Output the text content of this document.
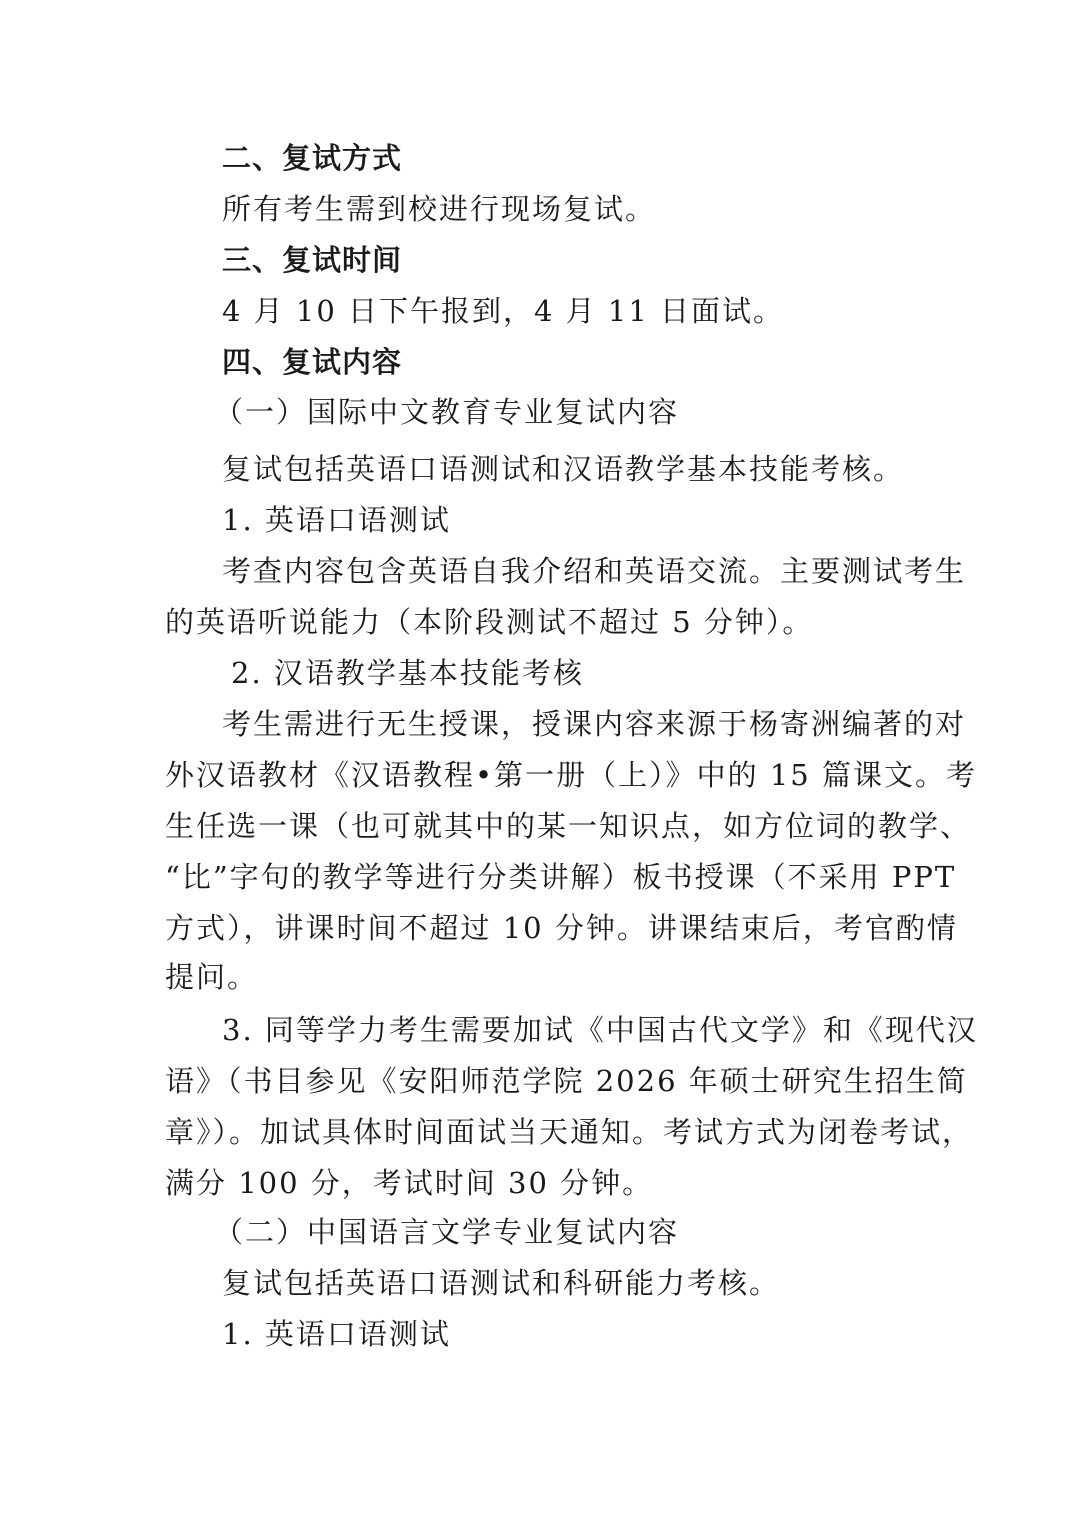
二、复试方式
所有考生需到校进行现场复试。
三、复试时间
4 月 10 日下午报到，4 月 11 日面试。
四、复试内容
（一）国际中文教育专业复试内容
复试包括英语口语测试和汉语教学基本技能考核。
1. 英语口语测试
考查内容包含英语自我介绍和英语交流。主要测试考生
的英语听说能力（本阶段测试不超过 5 分钟）。
2. 汉语教学基本技能考核
考生需进行无生授课，授课内容来源于杨寄洲编著的对
外汉语教材《汉语教程•第一册（上）》中的 15 篇课文。考
生任选一课（也可就其中的某一知识点，如方位词的教学、
“比”字句的教学等进行分类讲解）板书授课（不采用 PPT
方式），讲课时间不超过 10 分钟。讲课结束后，考官酌情
提问。
3. 同等学力考生需要加试《中国古代文学》和《现代汉
语》（书目参见《安阳师范学院 2026 年硕士研究生招生简
章》）。加试具体时间面试当天通知。考试方式为闭卷考试，
满分 100 分，考试时间 30 分钟。
（二）中国语言文学专业复试内容
复试包括英语口语测试和科研能力考核。
1. 英语口语测试
